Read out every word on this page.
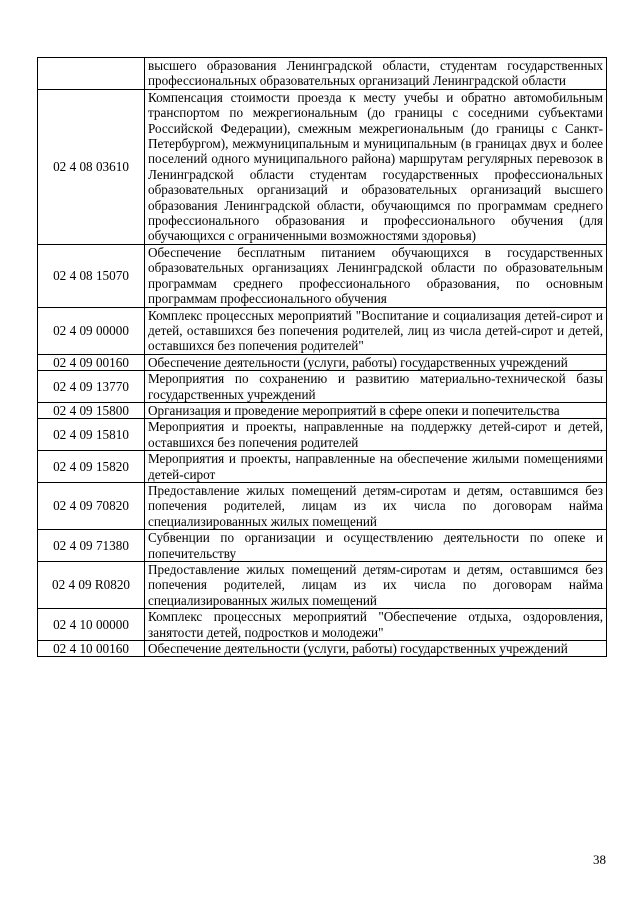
	высшего образования Ленинградской области, студентам государственных профессиональных образовательных организаций Ленинградской области
02 4 08 03610	Компенсация стоимости проезда к месту учебы и обратно автомобильным транспортом по межрегиональным (до границы с соседними субъектами Российской Федерации), смежным межрегиональным (до границы с Санкт-Петербургом), межмуниципальным и муниципальным (в границах двух и более поселений одного муниципального района) маршрутам регулярных перевозок в Ленинградской области студентам государственных профессиональных образовательных организаций и образовательных организаций высшего образования Ленинградской области, обучающимся по программам среднего профессионального образования и профессионального обучения (для обучающихся с ограниченными возможностями здоровья)
02 4 08 15070	Обеспечение бесплатным питанием обучающихся в государственных образовательных организациях Ленинградской области по образовательным программам среднего профессионального образования, по основным программам профессионального обучения
02 4 09 00000	Комплекс процессных мероприятий "Воспитание и социализация детей-сирот и детей, оставшихся без попечения родителей, лиц из числа детей-сирот и детей, оставшихся без попечения родителей"
02 4 09 00160	Обеспечение деятельности (услуги, работы) государственных учреждений
02 4 09 13770	Мероприятия по сохранению и развитию материально-технической базы государственных учреждений
02 4 09 15800	Организация и проведение мероприятий в сфере опеки и попечительства
02 4 09 15810	Мероприятия и проекты, направленные на поддержку детей-сирот и детей, оставшихся без попечения родителей
02 4 09 15820	Мероприятия и проекты, направленные на обеспечение жилыми помещениями детей-сирот
02 4 09 70820	Предоставление жилых помещений детям-сиротам и детям, оставшимся без попечения родителей, лицам из их числа по договорам найма специализированных жилых помещений
02 4 09 71380	Субвенции по организации и осуществлению деятельности по опеке и попечительству
02 4 09 R0820	Предоставление жилых помещений детям-сиротам и детям, оставшимся без попечения родителей, лицам из их числа по договорам найма специализированных жилых помещений
02 4 10 00000	Комплекс процессных мероприятий "Обеспечение отдыха, оздоровления, занятости детей, подростков и молодежи"
02 4 10 00160	Обеспечение деятельности (услуги, работы) государственных учреждений
38
